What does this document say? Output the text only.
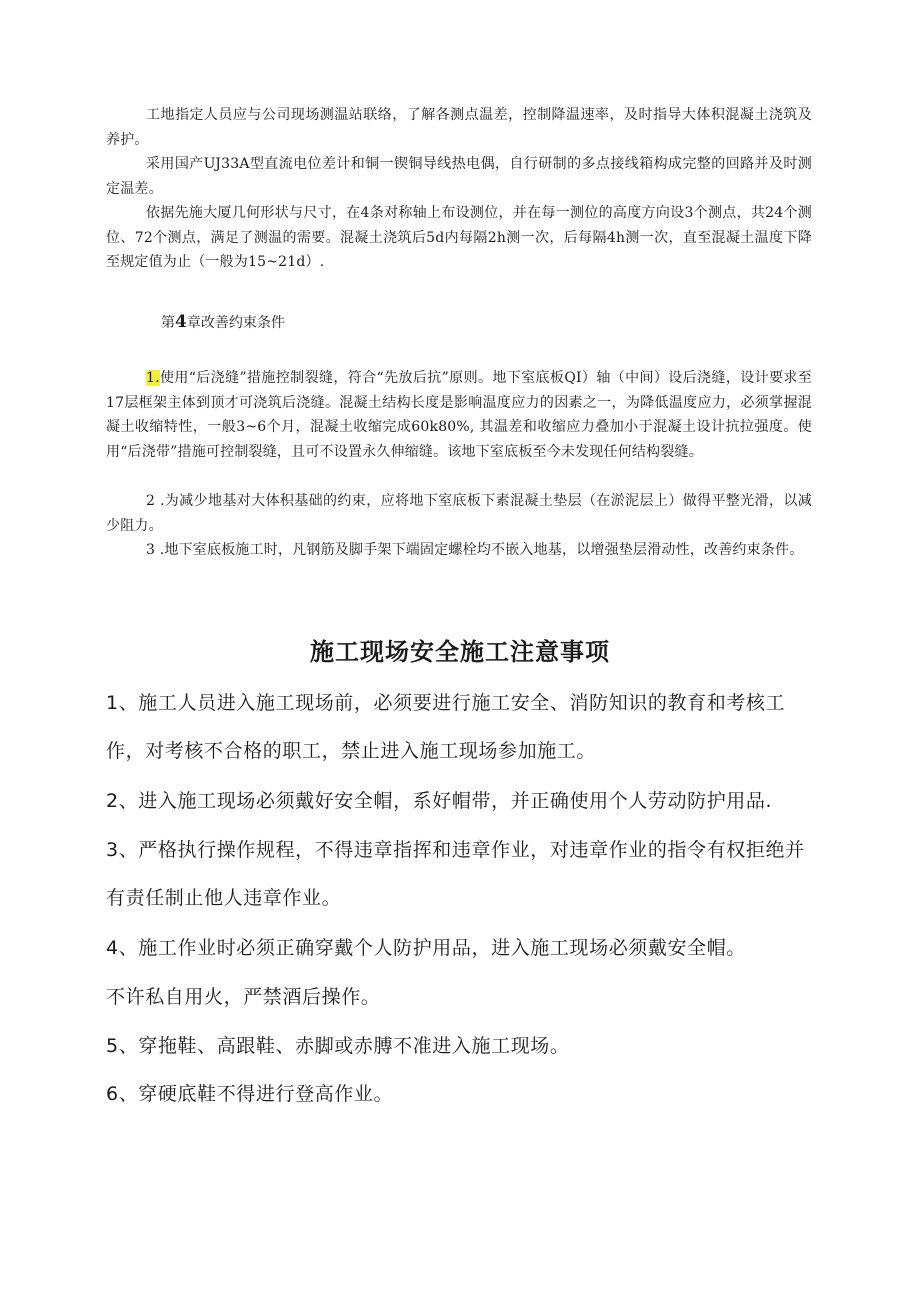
工地指定人员应与公司现场测温站联络，了解各测点温差，控制降温速率，及时指导大体积混凝土浇筑及养护。

采用国产UJ33A型直流电位差计和铜一锲铜导线热电偶，自行研制的多点接线箱构成完整的回路并及时测定温差。

依据先施大厦几何形状与尺寸，在4条对称轴上布设测位，并在每一测位的高度方向设3个测点，共24个测位、72个测点，满足了测温的需要。混凝土浇筑后5d内每隔2h测一次，后每隔4h测一次，直至混凝土温度下降至规定值为止（一般为15~21d）.

第4章改善约束条件

1.使用“后浇缝”措施控制裂缝，符合“先放后抗”原则。地下室底板QI）轴（中间）设后浇缝，设计要求至17层框架主体到顶才可浇筑后浇缝。混凝土结构长度是影响温度应力的因素之一，为降低温度应力，必须掌握混凝土收缩特性，一般3~6个月，混凝土收缩完成60k80%, 其温差和收缩应力叠加小于混凝土设计抗拉强度。使用“后浇带”措施可控制裂缝，且可不设置永久伸缩缝。该地下室底板至今未发现任何结构裂缝。

2 .为减少地基对大体积基础的约束，应将地下室底板下素混凝土垫层（在淤泥层上）做得平整光滑，以减少阻力。

3 .地下室底板施工时，凡钢筋及脚手架下端固定螺栓均不嵌入地基，以增强垫层滑动性，改善约束条件。

施工现场安全施工注意事项

1、施工人员进入施工现场前，必须要进行施工安全、消防知识的教育和考核工作，对考核不合格的职工，禁止进入施工现场参加施工。

2、进入施工现场必须戴好安全帽，系好帽带，并正确使用个人劳动防护用品.

3、严格执行操作规程，不得违章指挥和违章作业，对违章作业的指令有权拒绝并有责任制止他人违章作业。

4、施工作业时必须正确穿戴个人防护用品，进入施工现场必须戴安全帽。

不许私自用火，严禁酒后操作。

5、穿拖鞋、高跟鞋、赤脚或赤膊不准进入施工现场。

6、穿硬底鞋不得进行登高作业。
